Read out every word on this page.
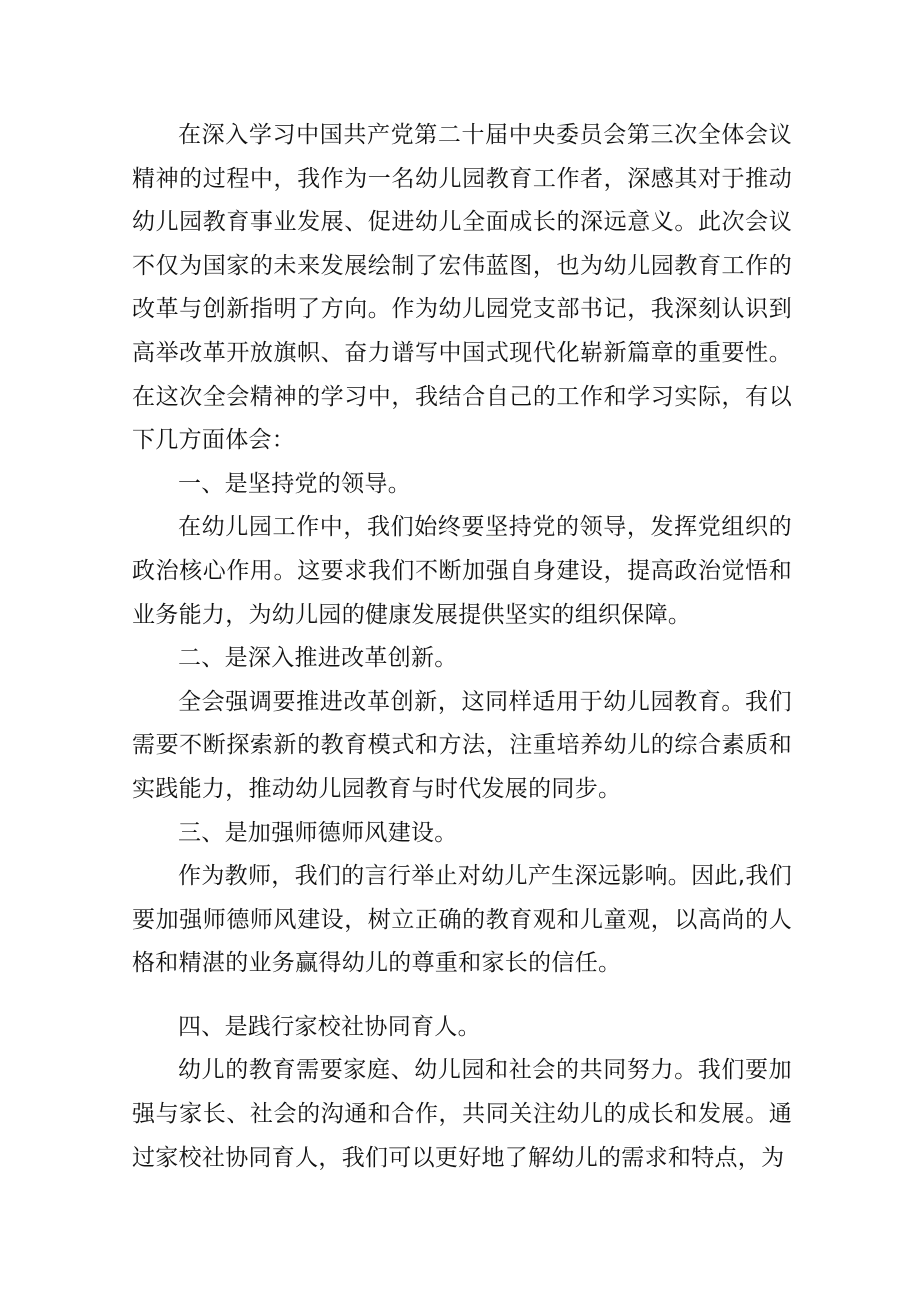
在深入学习中国共产党第二十届中央委员会第三次全体会议精神的过程中，我作为一名幼儿园教育工作者，深感其对于推动幼儿园教育事业发展、促进幼儿全面成长的深远意义。此次会议不仅为国家的未来发展绘制了宏伟蓝图，也为幼儿园教育工作的改革与创新指明了方向。作为幼儿园党支部书记，我深刻认识到高举改革开放旗帜、奋力谱写中国式现代化崭新篇章的重要性。在这次全会精神的学习中，我结合自己的工作和学习实际，有以下几方面体会：

一、是坚持党的领导。

在幼儿园工作中，我们始终要坚持党的领导，发挥党组织的政治核心作用。这要求我们不断加强自身建设，提高政治觉悟和业务能力，为幼儿园的健康发展提供坚实的组织保障。

二、是深入推进改革创新。

全会强调要推进改革创新，这同样适用于幼儿园教育。我们需要不断探索新的教育模式和方法，注重培养幼儿的综合素质和实践能力，推动幼儿园教育与时代发展的同步。

三、是加强师德师风建设。

作为教师，我们的言行举止对幼儿产生深远影响。因此,我们要加强师德师风建设，树立正确的教育观和儿童观，以高尚的人格和精湛的业务赢得幼儿的尊重和家长的信任。

四、是践行家校社协同育人。

幼儿的教育需要家庭、幼儿园和社会的共同努力。我们要加强与家长、社会的沟通和合作，共同关注幼儿的成长和发展。通过家校社协同育人，我们可以更好地了解幼儿的需求和特点，为
